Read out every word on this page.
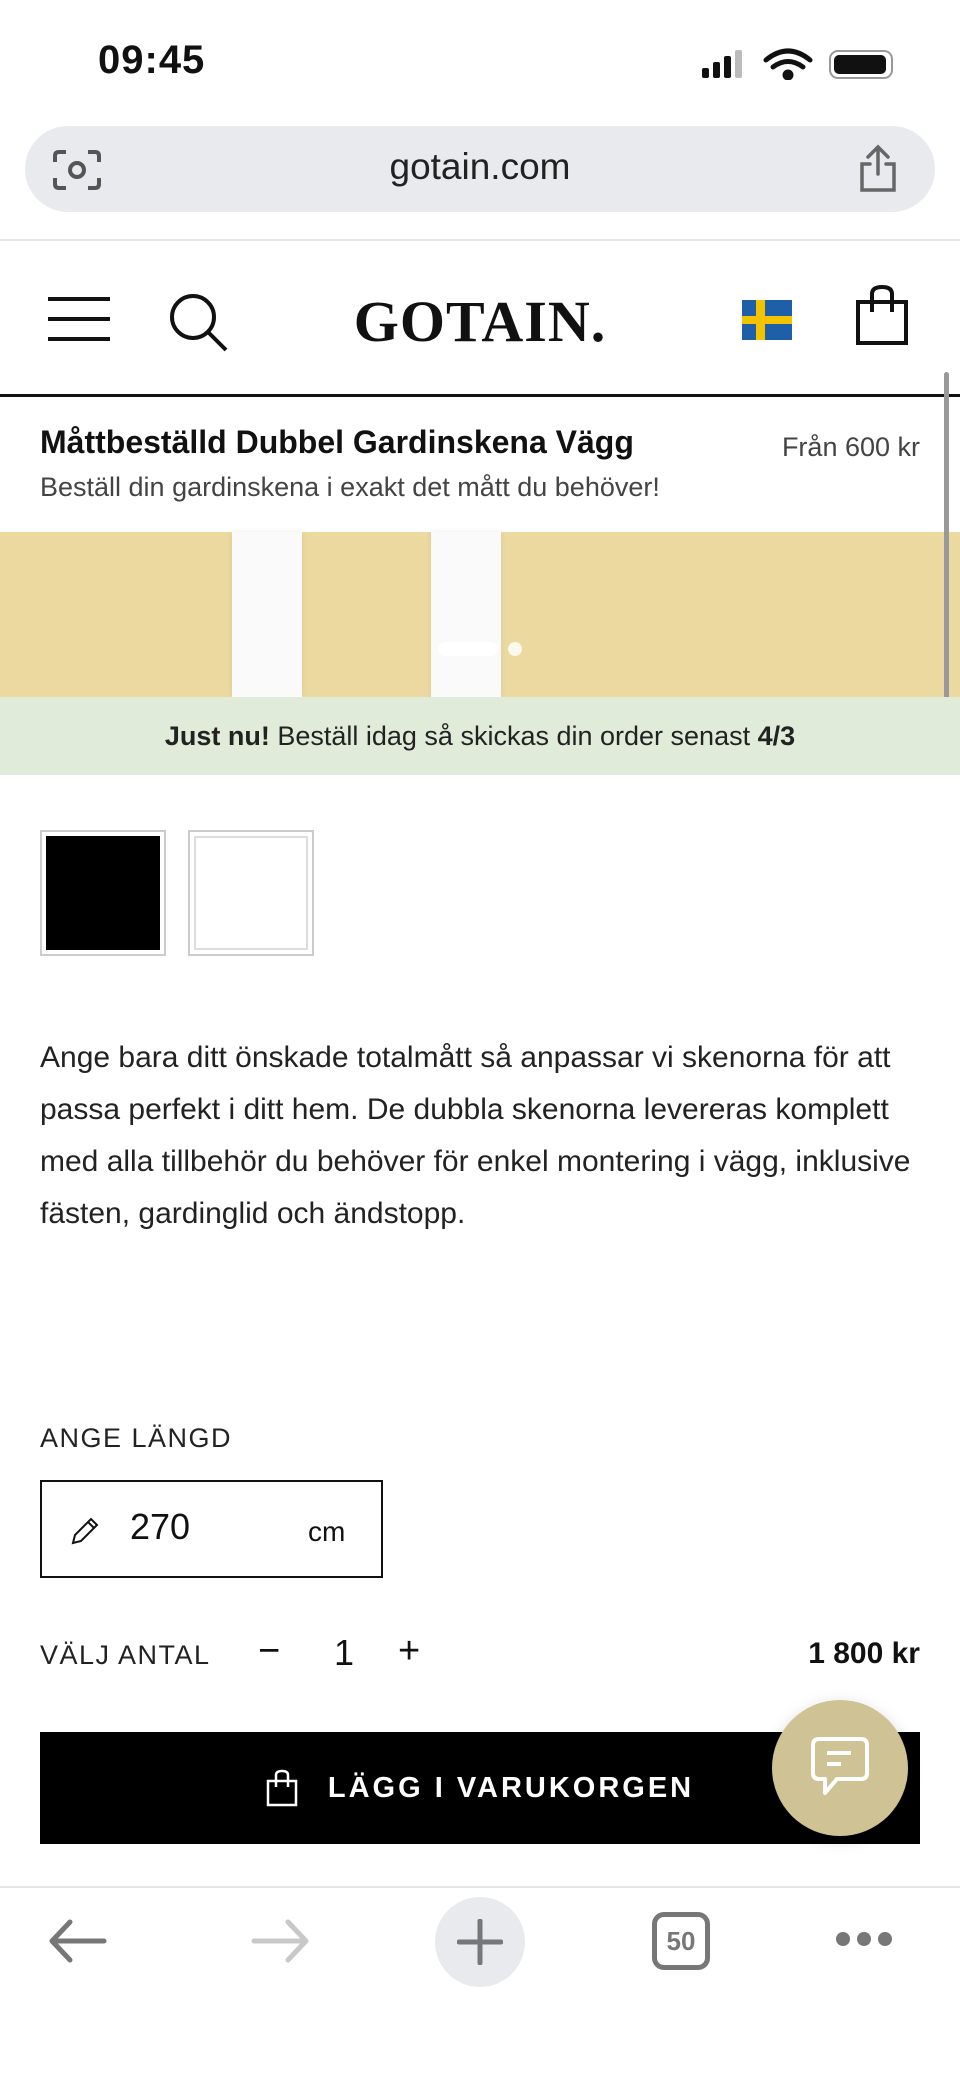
09:45
gotain.com
GOTAIN.
Måttbeställd Dubbel Gardinskena Vägg	Från 600 kr
Beställ din gardinskena i exakt det mått du behöver!
Just nu! Beställ idag så skickas din order senast 4/3
Ange bara ditt önskade totalmått så anpassar vi skenorna för att passa perfekt i ditt hem. De dubbla skenorna levereras komplett med alla tillbehör du behöver för enkel montering i vägg, inklusive fästen, gardinglid och ändstopp.
ANGE LÄNGD
270	cm
VÄLJ ANTAL − 1 +	1 800 kr
LÄGG I VARUKORGEN
50
